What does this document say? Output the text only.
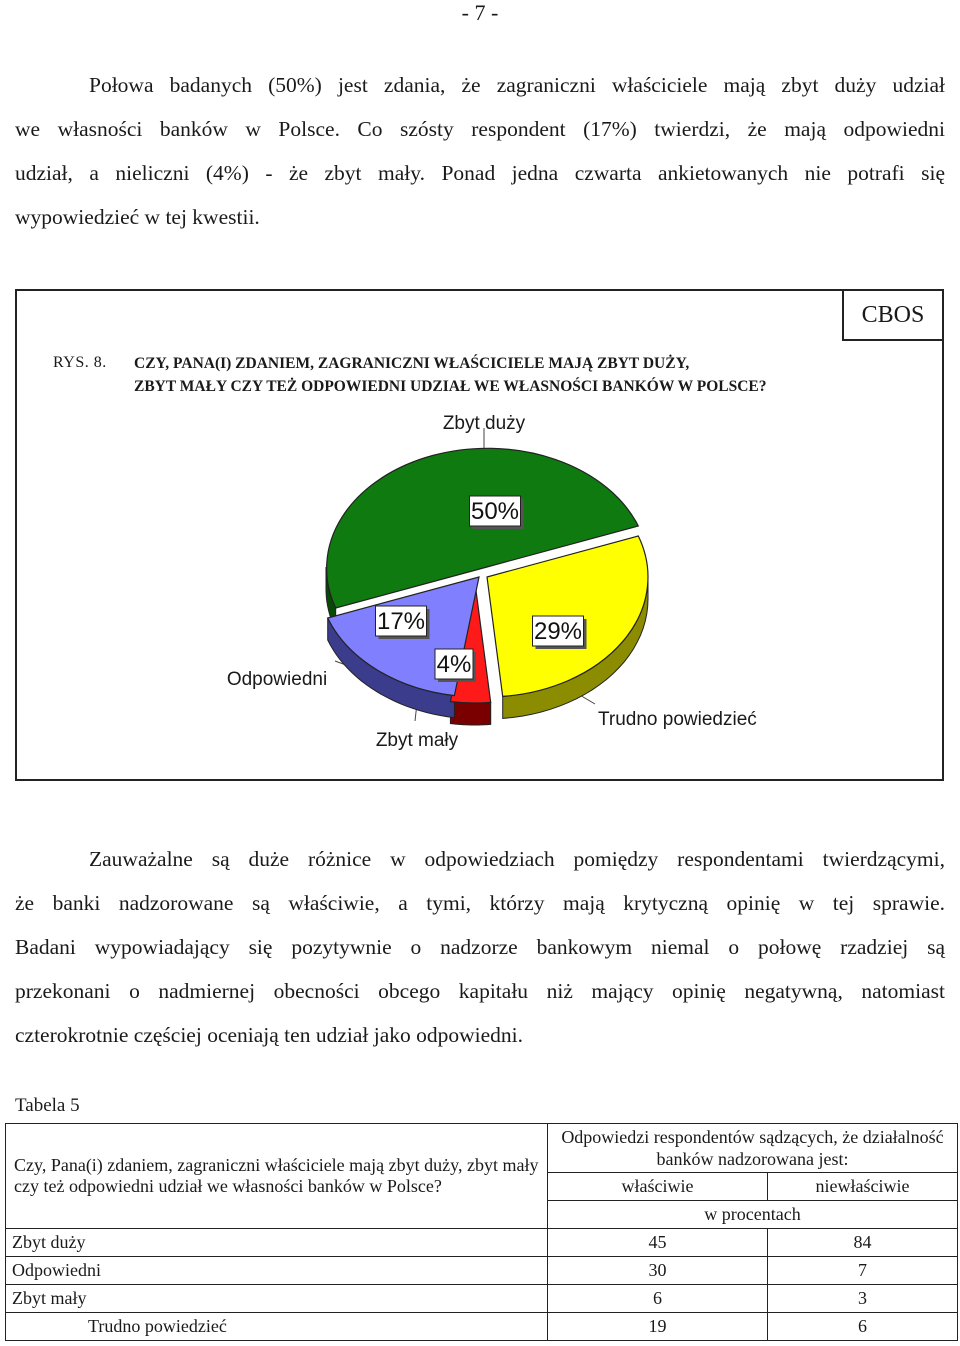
- 7 -
Połowa badanych (50%) jest zdania, że zagraniczni właściciele mają zbyt duży udział
we własności banków w Polsce. Co szósty respondent (17%) twierdzi, że mają odpowiedni
udział, a nieliczni (4%) - że zbyt mały. Ponad jedna czwarta ankietowanych nie potrafi się
wypowiedzieć w tej kwestii.
CBOS
RYS. 8. CZY, PANA(I) ZDANIEM, ZAGRANICZNI WŁAŚCICIELE MAJĄ ZBYT DUŻY,
ZBYT MAŁY CZY TEŻ ODPOWIEDNI UDZIAŁ WE WŁASNOŚCI BANKÓW W POLSCE?
50%
29%
4%
17%
Zbyt duży
Trudno powiedzieć
Zbyt mały
Odpowiedni
Zauważalne są duże różnice w odpowiedziach pomiędzy respondentami twierdzącymi,
że banki nadzorowane są właściwie, a tymi, którzy mają krytyczną opinię w tej sprawie.
Badani wypowiadający się pozytywnie o nadzorze bankowym niemal o połowę rzadziej są
przekonani o nadmiernej obecności obcego kapitału niż mający opinię negatywną, natomiast
czterokrotnie częściej oceniają ten udział jako odpowiedni.
Tabela 5
Czy, Pana(i) zdaniem, zagraniczni właściciele mają zbyt duży, zbyt mały czy też odpowiedni udział we własności banków w Polsce?	Odpowiedzi respondentów sądzących, że działalność banków nadzorowana jest:	
	właściwie	niewłaściwie
	w procentach	
Zbyt duży	45	84
Odpowiedni	30	7
Zbyt mały	6	3
Trudno powiedzieć	19	6
